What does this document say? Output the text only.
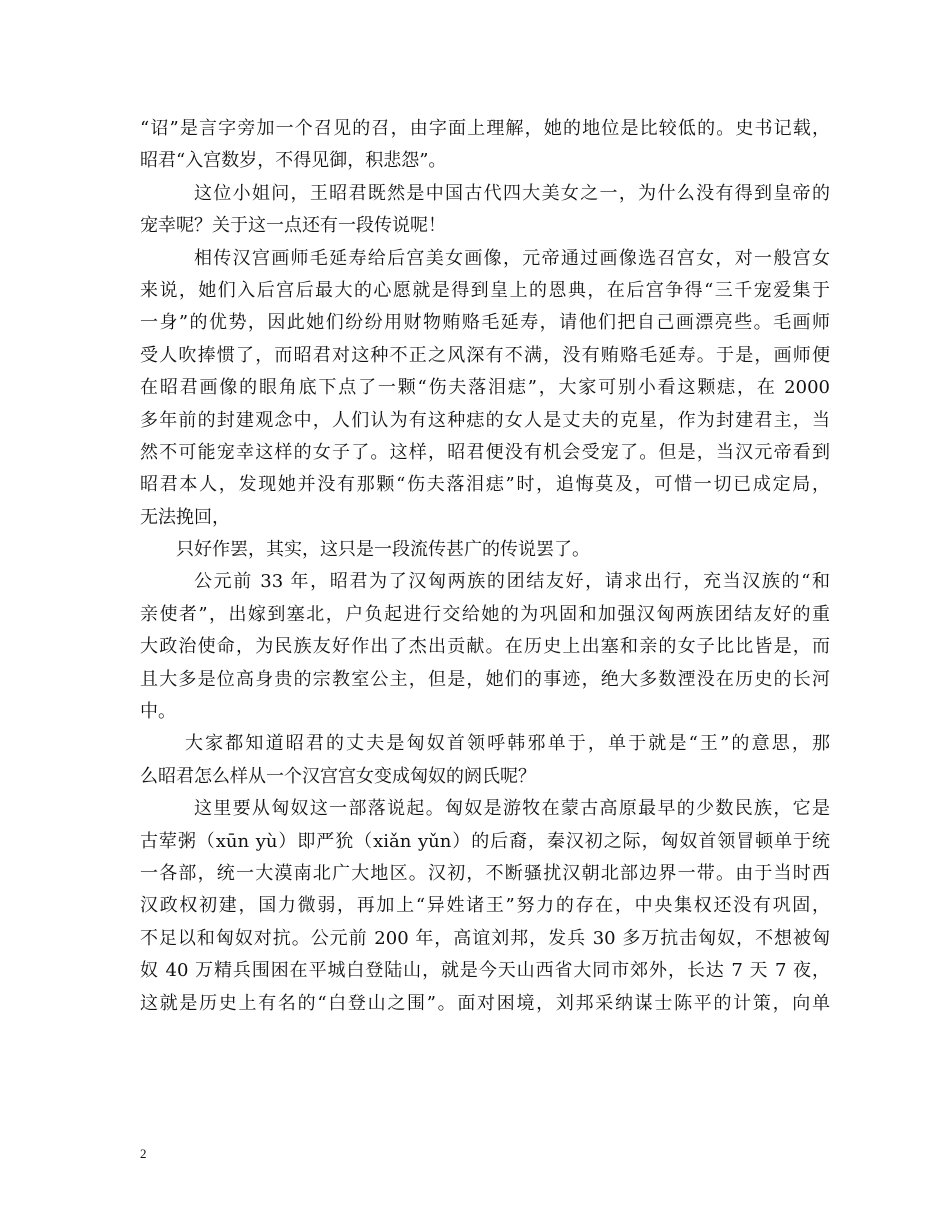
“诏”是言字旁加一个召见的召，由字面上理解，她的地位是比较低的。史书记载，
昭君“入宫数岁，不得见御，积悲怨”。
这位小姐问，王昭君既然是中国古代四大美女之一，为什么没有得到皇帝的
宠幸呢？关于这一点还有一段传说呢！
相传汉宫画师毛延寿给后宫美女画像，元帝通过画像选召宫女，对一般宫女
来说，她们入后宫后最大的心愿就是得到皇上的恩典，在后宫争得“三千宠爱集于
一身”的优势，因此她们纷纷用财物贿赂毛延寿，请他们把自己画漂亮些。毛画师
受人吹捧惯了，而昭君对这种不正之风深有不满，没有贿赂毛延寿。于是，画师便
在昭君画像的眼角底下点了一颗“伤夫落泪痣”，大家可别小看这颗痣，在 2000
多年前的封建观念中，人们认为有这种痣的女人是丈夫的克星，作为封建君主，当
然不可能宠幸这样的女子了。这样，昭君便没有机会受宠了。但是，当汉元帝看到
昭君本人，发现她并没有那颗“伤夫落泪痣”时，追悔莫及，可惜一切已成定局，
无法挽回，
只好作罢，其实，这只是一段流传甚广的传说罢了。
公元前 33 年，昭君为了汉匈两族的团结友好，请求出行，充当汉族的“和
亲使者”，出嫁到塞北，户负起进行交给她的为巩固和加强汉匈两族团结友好的重
大政治使命，为民族友好作出了杰出贡献。在历史上出塞和亲的女子比比皆是，而
且大多是位高身贵的宗教室公主，但是，她们的事迹，绝大多数湮没在历史的长河
中。
大家都知道昭君的丈夫是匈奴首领呼韩邪单于，单于就是“王”的意思，那
么昭君怎么样从一个汉宫宫女变成匈奴的阏氏呢？
这里要从匈奴这一部落说起。匈奴是游牧在蒙古高原最早的少数民族，它是
古荤粥（xūn yù）即严狁（xiǎn yǔn）的后裔，秦汉初之际，匈奴首领冒顿单于统
一各部，统一大漠南北广大地区。汉初，不断骚扰汉朝北部边界一带。由于当时西
汉政权初建，国力微弱，再加上“异姓诸王”努力的存在，中央集权还没有巩固，
不足以和匈奴对抗。公元前 200 年，高谊刘邦，发兵 30 多万抗击匈奴，不想被匈
奴 40 万精兵围困在平城白登陆山，就是今天山西省大同市郊外，长达 7 天 7 夜，
这就是历史上有名的“白登山之围”。面对困境，刘邦采纳谋士陈平的计策，向单
2
